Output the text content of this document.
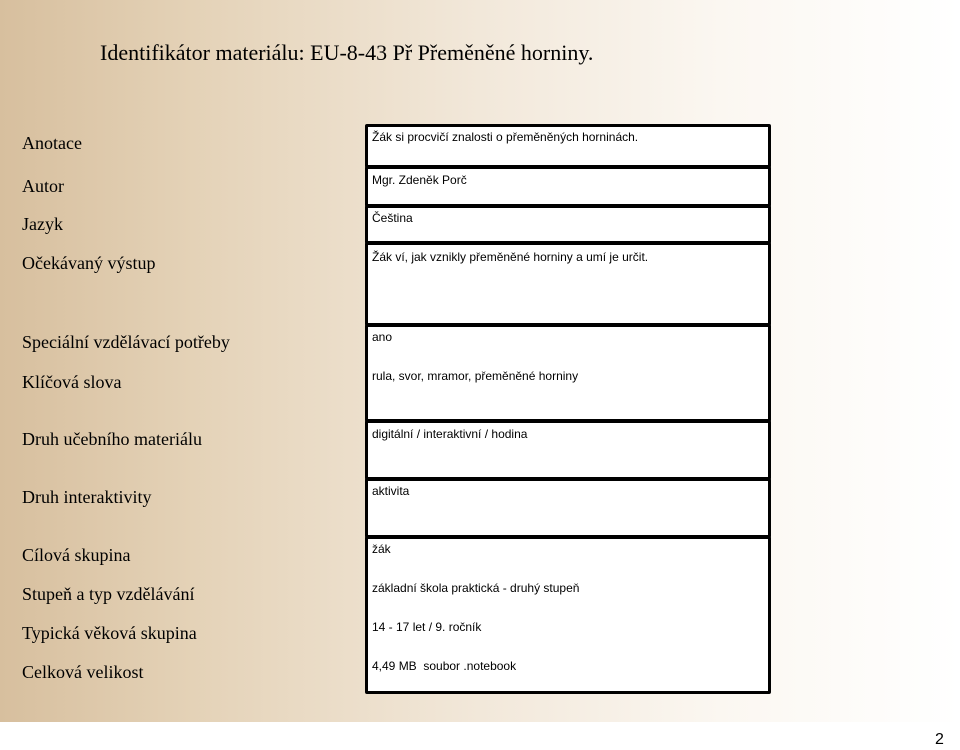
Identifikátor materiálu: EU-8-43 Př Přeměněné horniny.
Anotace
Autor
Jazyk
Očekávaný výstup
Speciální vzdělávací potřeby
Klíčová slova
Druh učebního materiálu
Druh interaktivity
Cílová skupina
Stupeň a typ vzdělávání
Typická věková skupina
Celková velikost
Žák si procvičí znalosti o přeměněných horninách.
Mgr. Zdeněk Porč
Čeština
Žák ví, jak vznikly přeměněné horniny a umí je určit.
ano
rula, svor, mramor, přeměněné horniny
digitální / interaktivní / hodina
aktivita
žák
základní škola praktická - druhý stupeň
14 - 17 let / 9. ročník
4,49 MB  soubor .notebook
2
